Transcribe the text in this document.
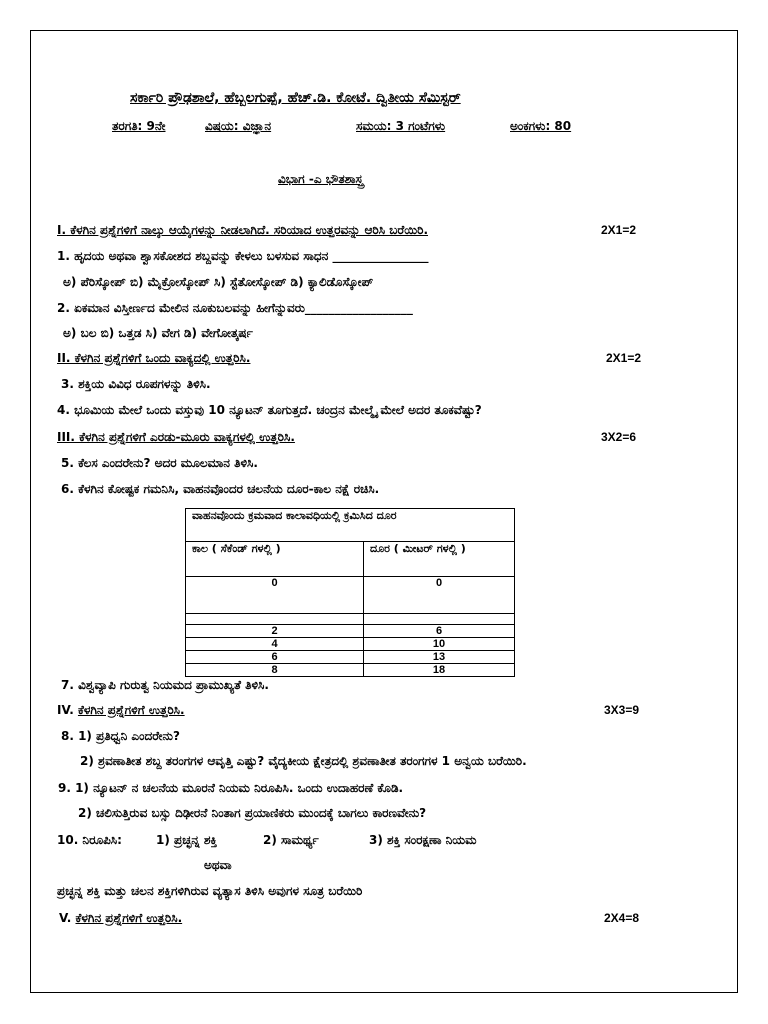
ಸರ್ಕಾರಿ ಪ್ರೌಢಶಾಲೆ, ಹೆಬ್ಬಲಗುಪ್ಪೆ, ಹೆಚ್.ಡಿ. ಕೋಟೆ. ದ್ವಿತೀಯ ಸೆಮಿಸ್ಟರ್
ತರಗತಿ: 9ನೇ	ವಿಷಯ: ವಿಜ್ಞಾನ	ಸಮಯ: 3 ಗಂಟೆಗಳು	ಅಂಕಗಳು: 80
ವಿಭಾಗ -ಎ ಭೌತಶಾಸ್ತ್ರ
I. ಕೆಳಗಿನ ಪ್ರಶ್ನೆಗಳಿಗೆ ನಾಲ್ಕು ಆಯ್ಕೆಗಳನ್ನು ನೀಡಲಾಗಿದೆ. ಸರಿಯಾದ ಉತ್ತರವನ್ನು ಆರಿಸಿ ಬರೆಯಿರಿ.	2X1=2
1. ಹೃದಯ ಅಥವಾ ಶ್ವಾಸಕೋಶದ ಶಬ್ದವನ್ನು ಕೇಳಲು ಬಳಸುವ ಸಾಧನ ________________
ಅ) ಪೆರಿಸ್ಕೋಪ್ ಬಿ) ಮೈಕ್ರೋಸ್ಕೋಪ್ ಸಿ) ಸ್ಟೆತೋಸ್ಕೋಪ್ ಡಿ) ಕ್ಯಾಲಿಡೊಸ್ಕೋಪ್
2. ಏಕಮಾನ ವಿಸ್ತೀರ್ಣದ ಮೇಲಿನ ನೂಕುಬಲವನ್ನು ಹೀಗೆನ್ನುವರು__________________
ಅ) ಬಲ ಬಿ) ಒತ್ತಡ ಸಿ) ವೇಗ ಡಿ) ವೇಗೋತ್ಕರ್ಷ
II. ಕೆಳಗಿನ ಪ್ರಶ್ನೆಗಳಿಗೆ ಒಂದು ವಾಕ್ಯದಲ್ಲಿ ಉತ್ತರಿಸಿ.	2X1=2
3. ಶಕ್ತಿಯ ವಿವಿಧ ರೂಪಗಳನ್ನು ತಿಳಿಸಿ.
4. ಭೂಮಿಯ ಮೇಲೆ ಒಂದು ವಸ್ತುವು 10 ನ್ಯೂಟನ್ ತೂಗುತ್ತದೆ. ಚಂದ್ರನ ಮೇಲ್ಮೈ ಮೇಲೆ ಅದರ ತೂಕವೆಷ್ಟು?
III. ಕೆಳಗಿನ ಪ್ರಶ್ನೆಗಳಿಗೆ ಎರಡು-ಮೂರು ವಾಕ್ಯಗಳಲ್ಲಿ ಉತ್ತರಿಸಿ.	3X2=6
5. ಕೆಲಸ ಎಂದರೇನು? ಅದರ ಮೂಲಮಾನ ತಿಳಿಸಿ.
6. ಕೆಳಗಿನ ಕೋಷ್ಟಕ ಗಮನಿಸಿ, ವಾಹನವೊಂದರ ಚಲನೆಯ ದೂರ-ಕಾಲ ನಕ್ಷೆ ರಚಿಸಿ.
ವಾಹನವೊಂದು ಕ್ರಮವಾದ ಕಾಲಾವಧಿಯಲ್ಲಿ ಕ್ರಮಿಸಿದ ದೂರ	
ಕಾಲ ( ಸೆಕೆಂಡ್ ಗಳಲ್ಲಿ )	ದೂರ ( ಮೀಟರ್ ಗಳಲ್ಲಿ )
0	0

2	6
4	10
6	13
8	18
7. ವಿಶ್ವವ್ಯಾಪಿ ಗುರುತ್ವ ನಿಯಮದ ಪ್ರಾಮುಖ್ಯತೆ ತಿಳಿಸಿ.
IV. ಕೆಳಗಿನ ಪ್ರಶ್ನೆಗಳಿಗೆ ಉತ್ತರಿಸಿ.	3X3=9
8. 1) ಪ್ರತಿಧ್ವನಿ ಎಂದರೇನು?
2) ಶ್ರವಣಾತೀತ ಶಬ್ದ ತರಂಗಗಳ ಆವೃತ್ತಿ ಎಷ್ಟು? ವೈದ್ಯಕೀಯ ಕ್ಷೇತ್ರದಲ್ಲಿ ಶ್ರವಣಾತೀತ ತರಂಗಗಳ 1 ಅನ್ವಯ ಬರೆಯಿರಿ.
9. 1) ನ್ಯೂಟನ್ ನ ಚಲನೆಯ ಮೂರನೆ ನಿಯಮ ನಿರೂಪಿಸಿ. ಒಂದು ಉದಾಹರಣೆ ಕೊಡಿ.
2) ಚಲಿಸುತ್ತಿರುವ ಬಸ್ಸು ದಿಢೀರನೆ ನಿಂತಾಗ ಪ್ರಯಾಣಿಕರು ಮುಂದಕ್ಕೆ ಬಾಗಲು ಕಾರಣವೇನು?
10. ನಿರೂಪಿಸಿ:	1) ಪ್ರಚ್ಛನ್ನ ಶಕ್ತಿ	2) ಸಾಮರ್ಥ್ಯ	3) ಶಕ್ತಿ ಸಂರಕ್ಷಣಾ ನಿಯಮ
ಅಥವಾ
ಪ್ರಚ್ಛನ್ನ ಶಕ್ತಿ ಮತ್ತು ಚಲನ ಶಕ್ತಿಗಳಿಗಿರುವ ವ್ಯತ್ಯಾಸ ತಿಳಿಸಿ ಅವುಗಳ ಸೂತ್ರ ಬರೆಯಿರಿ
V. ಕೆಳಗಿನ ಪ್ರಶ್ನೆಗಳಿಗೆ ಉತ್ತರಿಸಿ.	2X4=8
